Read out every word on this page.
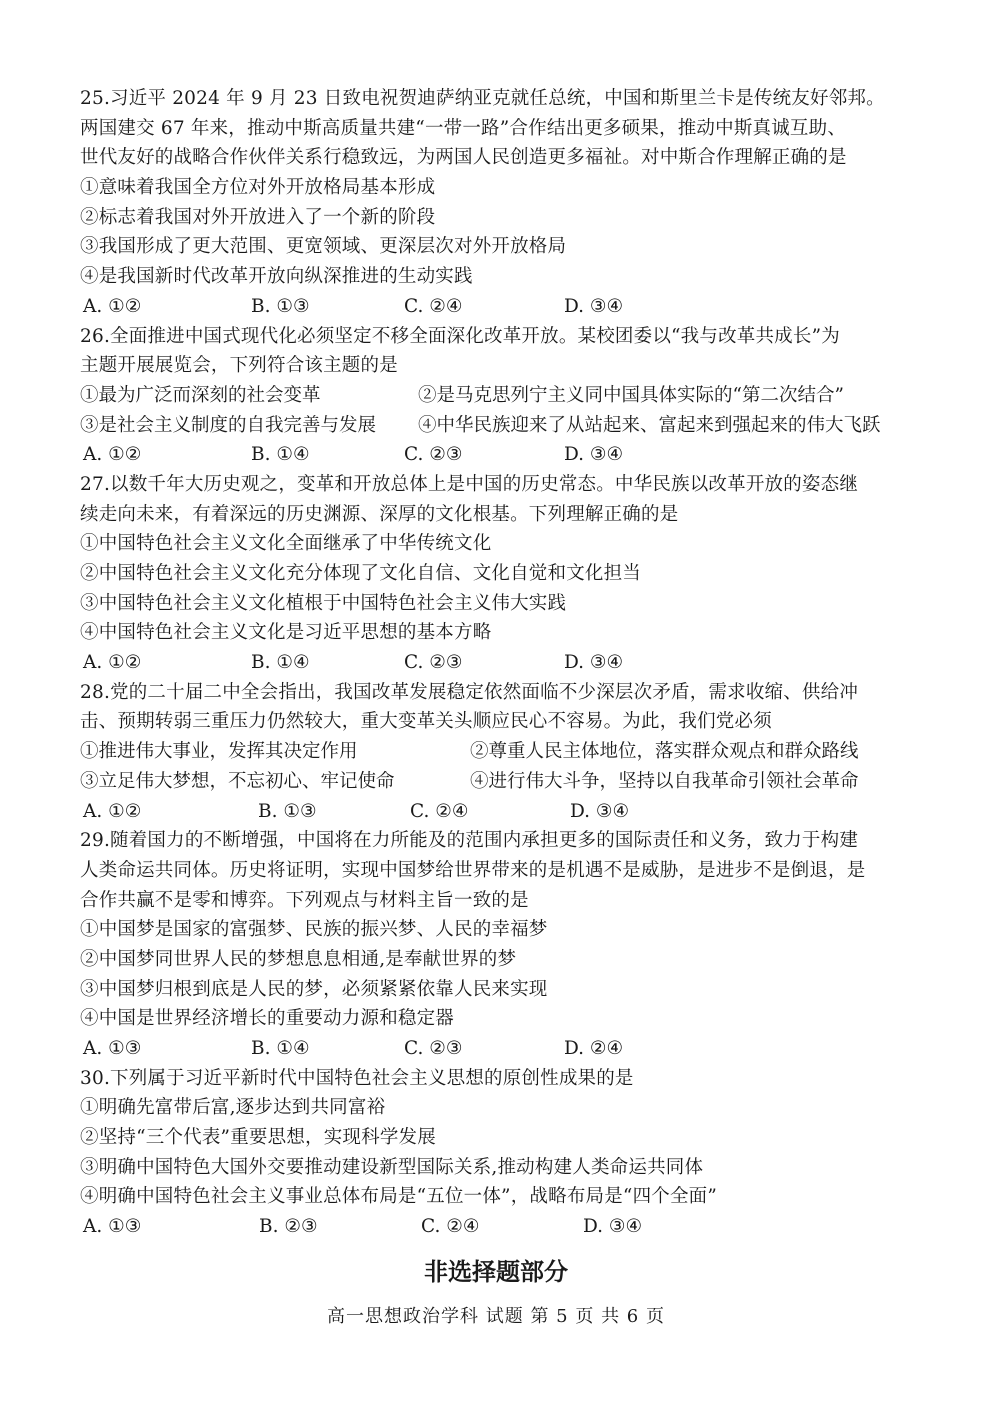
25.习近平 2024 年 9 月 23 日致电祝贺迪萨纳亚克就任总统，中国和斯里兰卡是传统友好邻邦。
两国建交 67 年来，推动中斯高质量共建“一带一路”合作结出更多硕果，推动中斯真诚互助、
世代友好的战略合作伙伴关系行稳致远，为两国人民创造更多福祉。对中斯合作理解正确的是
①意味着我国全方位对外开放格局基本形成
②标志着我国对外开放进入了一个新的阶段
③我国形成了更大范围、更宽领域、更深层次对外开放格局
④是我国新时代改革开放向纵深推进的生动实践
A. ①②	B. ①③	C. ②④	D. ③④
26.全面推进中国式现代化必须坚定不移全面深化改革开放。某校团委以“我与改革共成长”为
主题开展展览会，下列符合该主题的是
①最为广泛而深刻的社会变革	②是马克思列宁主义同中国具体实际的“第二次结合”
③是社会主义制度的自我完善与发展	④中华民族迎来了从站起来、富起来到强起来的伟大飞跃
A. ①②	B. ①④	C. ②③	D. ③④
27.以数千年大历史观之，变革和开放总体上是中国的历史常态。中华民族以改革开放的姿态继
续走向未来，有着深远的历史渊源、深厚的文化根基。下列理解正确的是
①中国特色社会主义文化全面继承了中华传统文化
②中国特色社会主义文化充分体现了文化自信、文化自觉和文化担当
③中国特色社会主义文化植根于中国特色社会主义伟大实践
④中国特色社会主义文化是习近平思想的基本方略
A. ①②	B. ①④	C. ②③	D. ③④
28.党的二十届二中全会指出，我国改革发展稳定依然面临不少深层次矛盾，需求收缩、供给冲
击、预期转弱三重压力仍然较大，重大变革关头顺应民心不容易。为此，我们党必须
①推进伟大事业，发挥其决定作用	②尊重人民主体地位，落实群众观点和群众路线
③立足伟大梦想，不忘初心、牢记使命	④进行伟大斗争，坚持以自我革命引领社会革命
A. ①②	B. ①③	C. ②④	D. ③④
29.随着国力的不断增强，中国将在力所能及的范围内承担更多的国际责任和义务，致力于构建
人类命运共同体。历史将证明，实现中国梦给世界带来的是机遇不是威胁，是进步不是倒退，是
合作共赢不是零和博弈。下列观点与材料主旨一致的是
①中国梦是国家的富强梦、民族的振兴梦、人民的幸福梦
②中国梦同世界人民的梦想息息相通,是奉献世界的梦
③中国梦归根到底是人民的梦，必须紧紧依靠人民来实现
④中国是世界经济增长的重要动力源和稳定器
A. ①③	B. ①④	C. ②③	D. ②④
30.下列属于习近平新时代中国特色社会主义思想的原创性成果的是
①明确先富带后富,逐步达到共同富裕
②坚持“三个代表”重要思想，实现科学发展
③明确中国特色大国外交要推动建设新型国际关系,推动构建人类命运共同体
④明确中国特色社会主义事业总体布局是“五位一体”，战略布局是“四个全面”
A. ①③	B. ②③	C. ②④	D. ③④
非选择题部分
高一思想政治学科 试题 第 5 页 共 6 页
